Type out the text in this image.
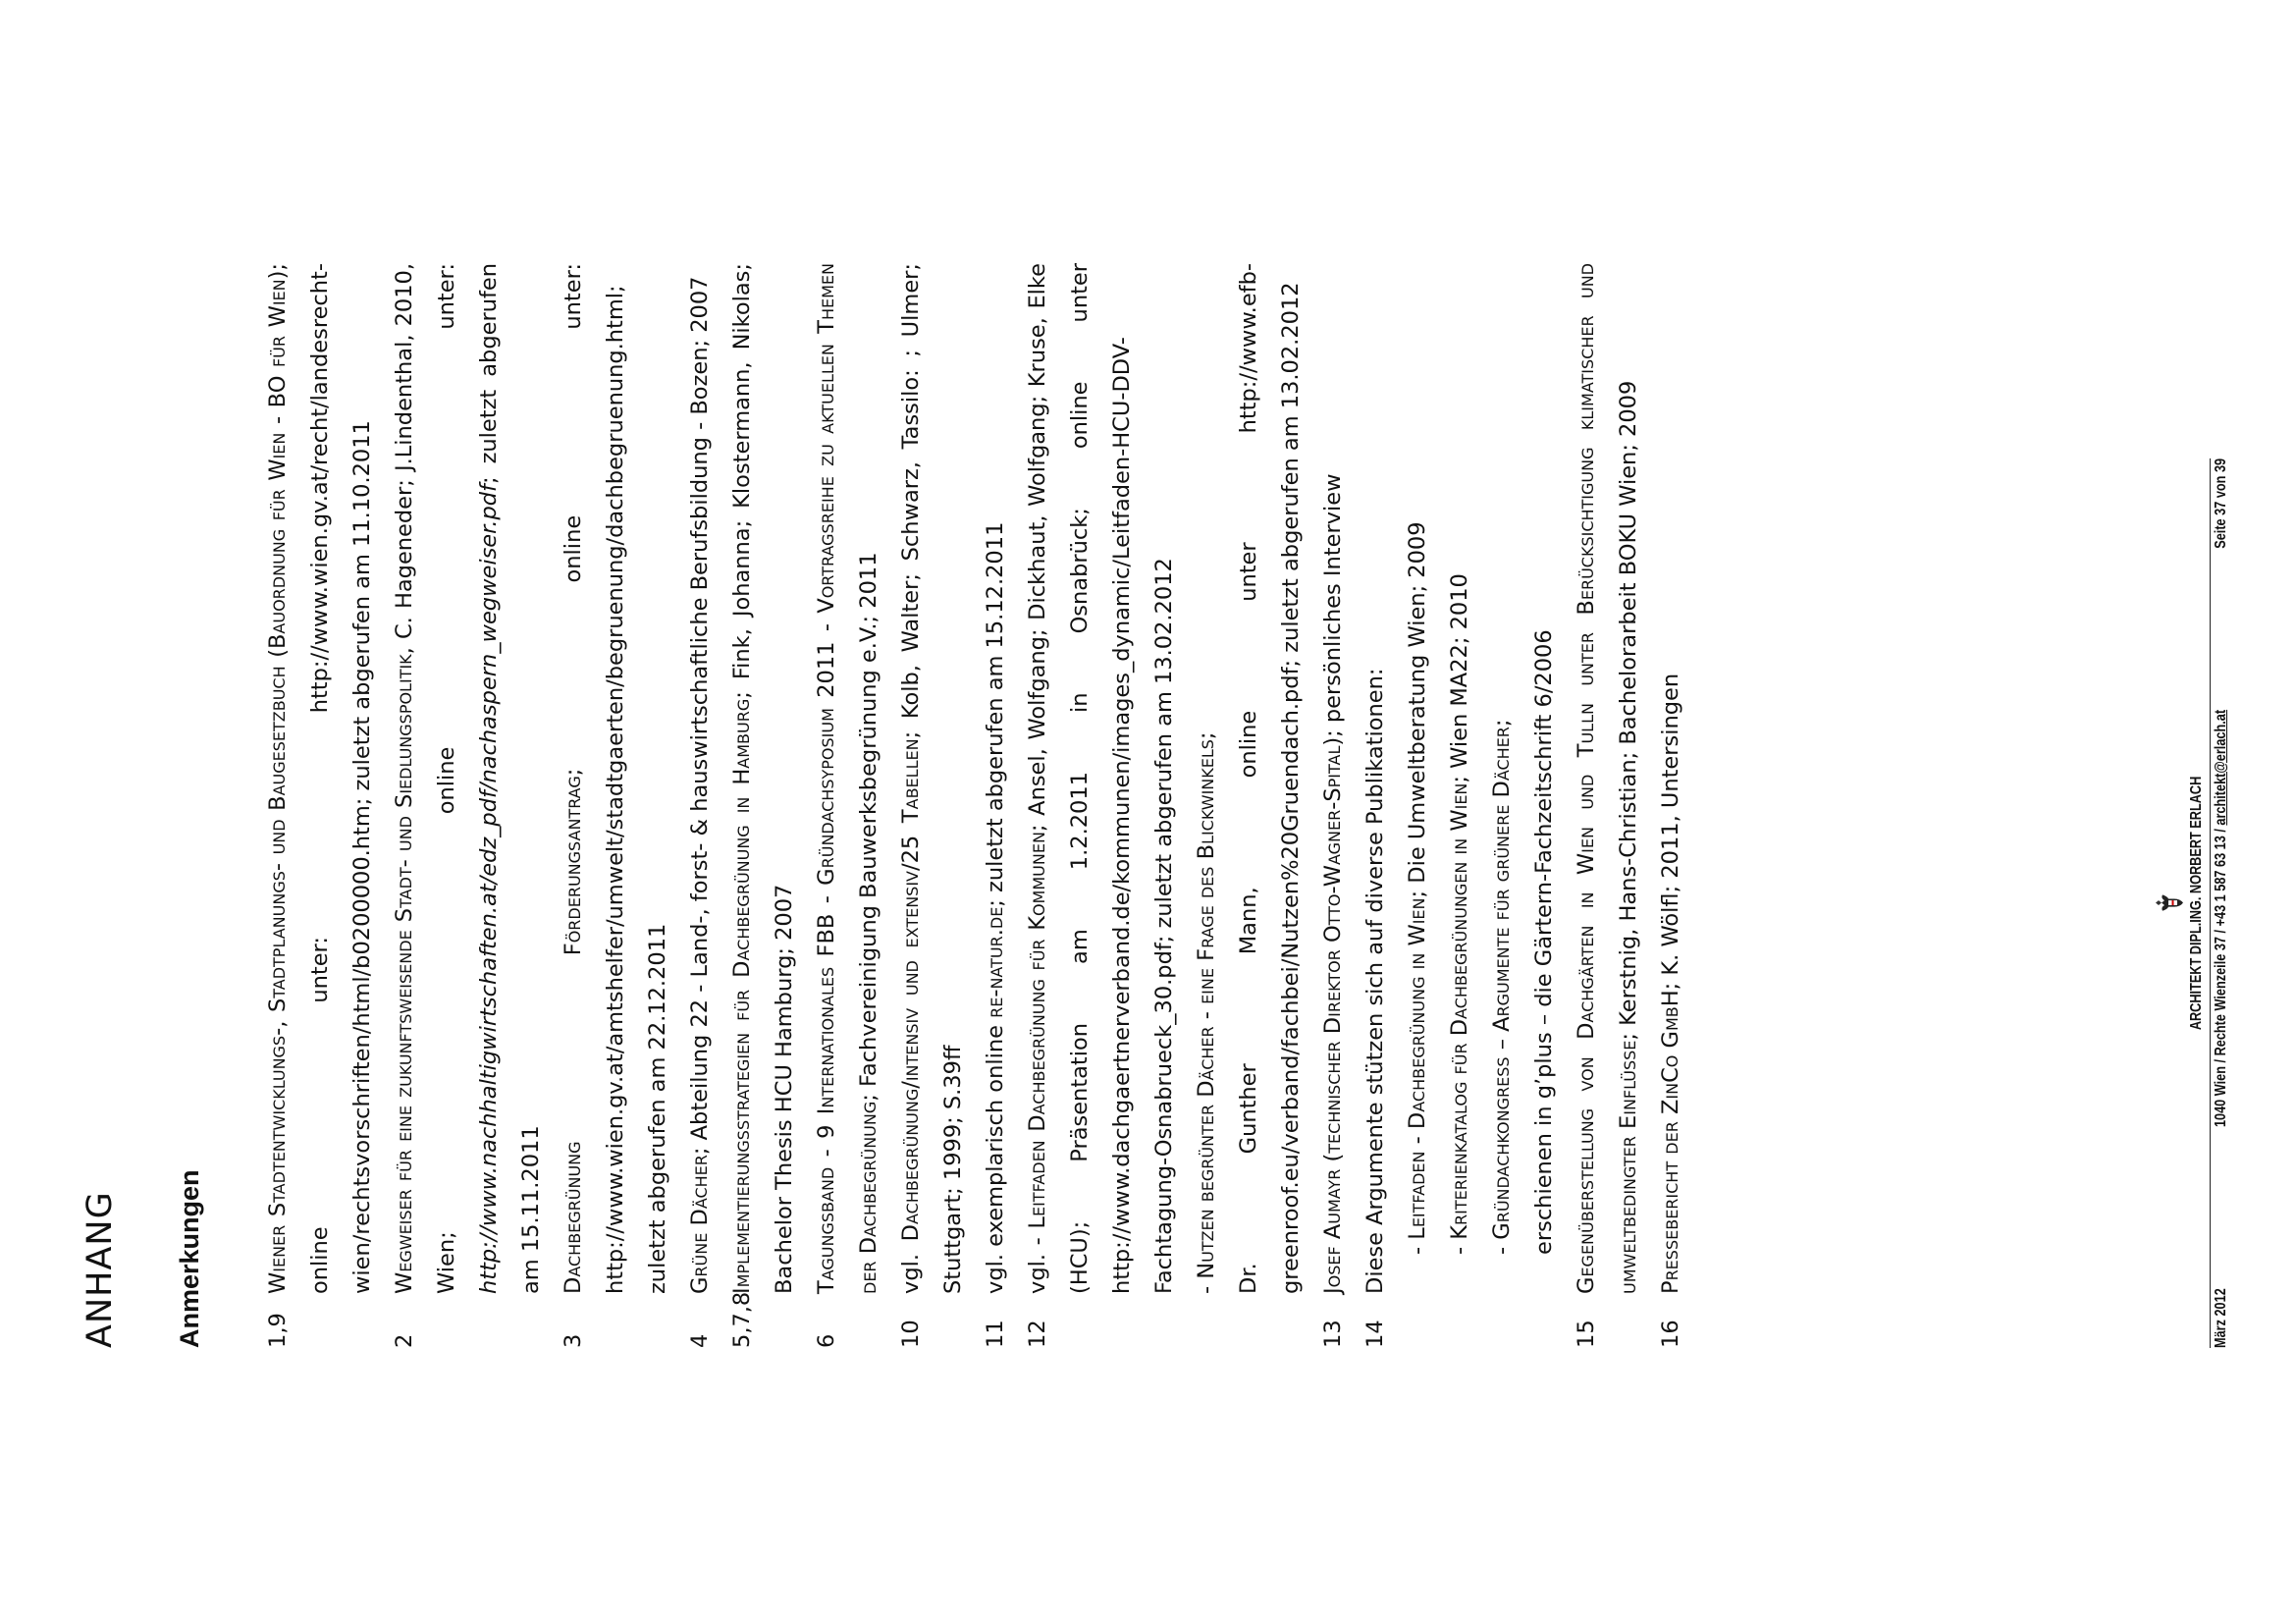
ANHANG Anmerkungen	1,9
Wiener Stadtentwicklungs-, Stadtplanungs- und Baugesetzbuch (Bauordnung für Wien - BO für Wien); online unter: http://www.wien.gv.at/recht/landesrecht-wien/rechtsvorschriften/html/b0200000.htm; zuletzt abgerufen am 11.10.2011
2
Wegweiser für eine zukunftsweisende Stadt- und Siedlungspolitik, C. Hageneder; J.Lindenthal, 2010, Wien; online unter: http://www.nachhaltigwirtschaften.at/edz_pdf/nachaspern_wegweiser.pdf; zuletzt abgerufen am 15.11.2011
3
Dachbegrünung Förderungsantrag; online unter: http://www.wien.gv.at/amtshelfer/umwelt/stadtgaerten/begruenung/dachbegruenung.html; zuletzt abgerufen am 22.12.2011
4
Grüne Dächer; Abteilung 22 - Land-, forst- & hauswirtschaftliche Berufsbildung - Bozen; 2007
5,7,8
Implementierungsstrategien für Dachbegrünung in Hamburg; Fink, Johanna; Klostermann, Nikolas; Bachelor Thesis HCU Hamburg; 2007
6
Tagungsband - 9 Internationales FBB - Gründachsyposium 2011 - Vortragsreihe zu aktuellen Themen der Dachbegrünung; Fachvereinigung Bauwerksbegrünung e.V.; 2011
10
vgl. Dachbegrünung/intensiv und extensiv/25 Tabellen; Kolb, Walter; Schwarz, Tassilo: ; Ulmer; Stuttgart; 1999; S.39ff
11
vgl. exemplarisch online re-natur.de; zuletzt abgerufen am 15.12.2011
12
vgl. - Leitfaden Dachbegrünung für Kommunen; Ansel, Wolfgang; Dickhaut, Wolfgang; Kruse, Elke (HCU); Präsentation am 1.2.2011 in Osnabrück; online unter http://www.dachgaertnerverband.de/kommunen/images_dynamic/Leitfaden-HCU-DDV-Fachtagung-Osnabrueck_30.pdf; zuletzt abgerufen am 13.02.2012 - Nutzen begrünter Dächer - eine Frage des Blickwinkels; Dr. Gunther Mann, online unter http://www.efb-greenroof.eu/verband/fachbei/Nutzen%20Gruendach.pdf; zuletzt abgerufen am 13.02.2012
13
Josef Aumayr (technischer Direktor Otto-Wagner-Spital); persönliches Interview
14
Diese Argumente stützen sich auf diverse Publikationen: - Leitfaden - Dachbegrünung in Wien; Die Umweltberatung Wien; 2009
- Kriterienkatalog für Dachbegrünungen in Wien; Wien MA22; 2010
- Gründachkongress – Argumente für grünere Dächer; erschienen in g’plus – die Gärtern-Fachzeitschrift 6/2006
15
Gegenüberstellung von Dachgärten in Wien und Tulln unter Berücksichtigung klimatischer und umweltbedingter Einflüsse; Kerstnig, Hans-Christian; Bachelorarbeit BOKU Wien; 2009
16
Pressebericht der ZinCo GmbH; K. Wölfl; 2011, Untersingen	ARCHITEKT DIPL.ING. NORBERT ERLACH
März 2012
1040 Wien / Rechte Wienzeile 37 / +43 1 587 63 13 / architekt@erlach.at
Seite 37 von 39
